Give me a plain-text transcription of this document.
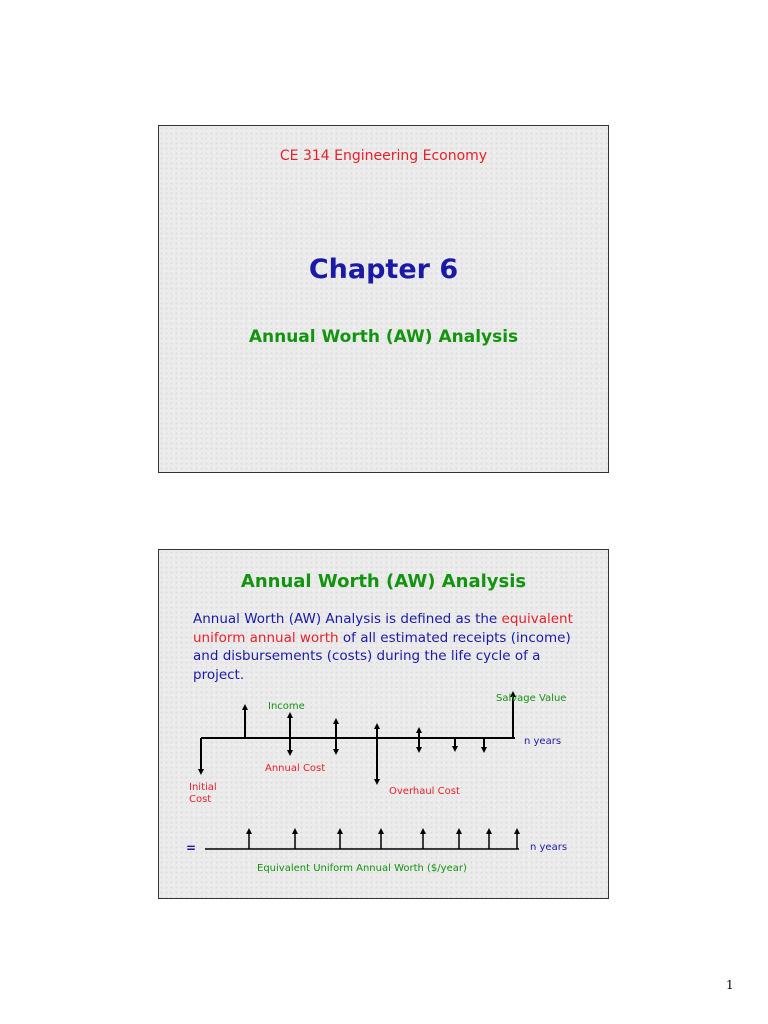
CE 314 Engineering Economy
Chapter 6
Annual Worth (AW) Analysis
Annual Worth (AW) Analysis
Annual Worth (AW) Analysis is defined as the equivalent uniform annual worth of all estimated receipts (income) and disbursements (costs) during the life cycle of a project.
Salvage Value
Income
n years
Annual Cost
Initial
Cost
Overhaul Cost
=	n years
Equivalent Uniform Annual Worth ($/year)
1
